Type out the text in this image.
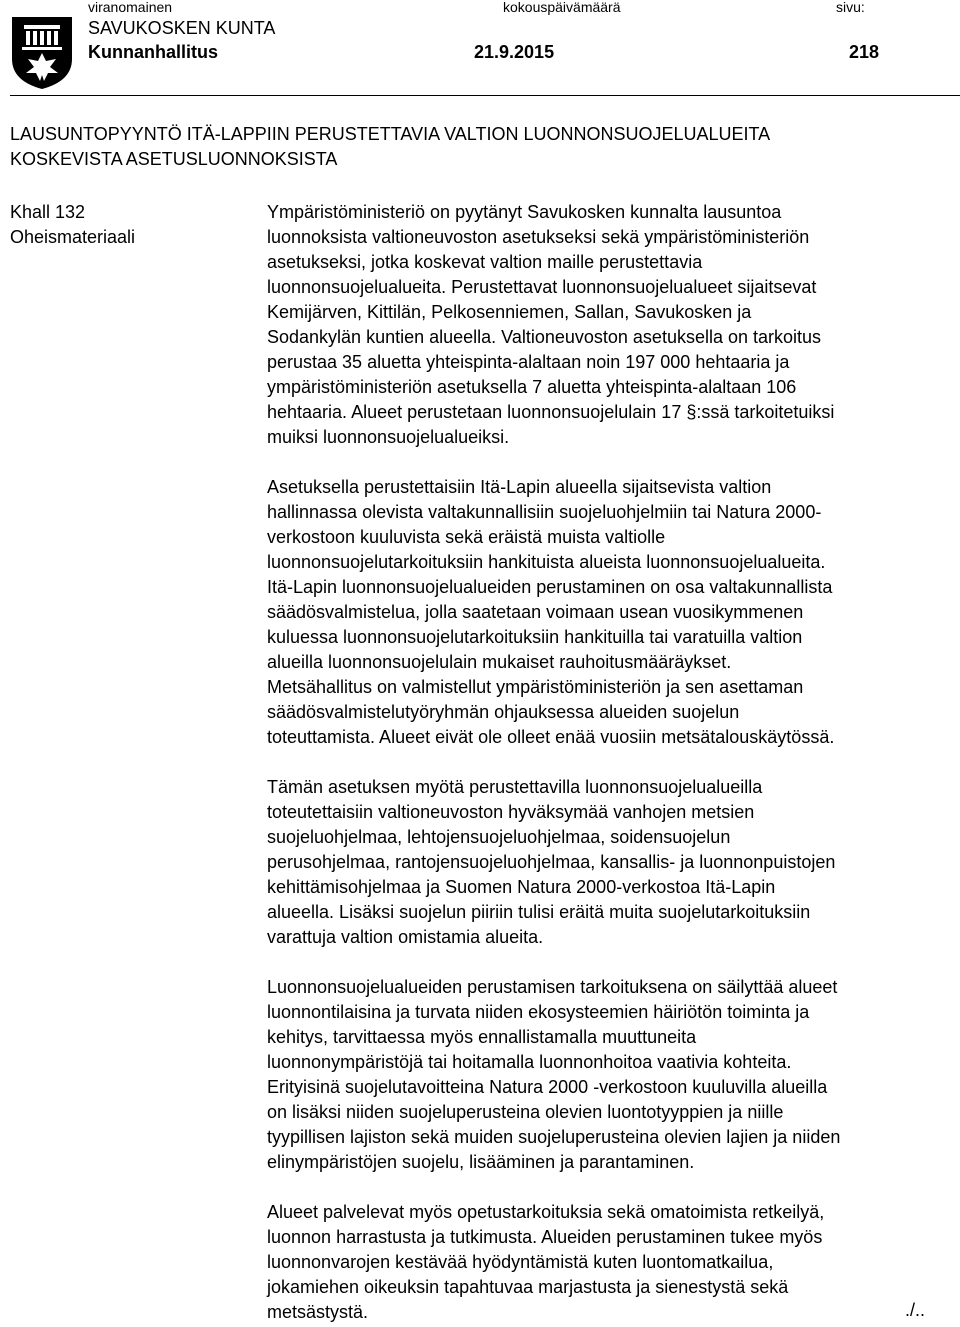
viranomainen	kokouspäivämäärä	sivu:
SAVUKOSKEN KUNTA
Kunnanhallitus	21.9.2015	218
LAUSUNTOPYYNTÖ ITÄ-LAPPIIN PERUSTETTAVIA VALTION LUONNONSUOJELUALUEITA
KOSKEVISTA ASETUSLUONNOKSISTA
Khall 132
Oheismateriaali
Ympäristöministeriö on pyytänyt Savukosken kunnalta lausuntoa
luonnoksista valtioneuvoston asetukseksi sekä ympäristöministeriön
asetukseksi, jotka koskevat valtion maille perustettavia
luonnonsuojelualueita. Perustettavat luonnonsuojelualueet sijaitsevat
Kemijärven, Kittilän, Pelkosenniemen, Sallan, Savukosken ja
Sodankylän kuntien alueella. Valtioneuvoston asetuksella on tarkoitus
perustaa 35 aluetta yhteispinta-alaltaan noin 197 000 hehtaaria ja
ympäristöministeriön asetuksella 7 aluetta yhteispinta-alaltaan 106
hehtaaria. Alueet perustetaan luonnonsuojelulain 17 §:ssä tarkoitetuiksi
muiksi luonnonsuojelualueiksi.
Asetuksella perustettaisiin Itä-Lapin alueella sijaitsevista valtion
hallinnassa olevista valtakunnallisiin suojeluohjelmiin tai Natura 2000-
verkostoon kuuluvista sekä eräistä muista valtiolle
luonnonsuojelutarkoituksiin hankituista alueista luonnonsuojelualueita.
Itä-Lapin luonnonsuojelualueiden perustaminen on osa valtakunnallista
säädösvalmistelua, jolla saatetaan voimaan usean vuosikymmenen
kuluessa luonnonsuojelutarkoituksiin hankituilla tai varatuilla valtion
alueilla luonnonsuojelulain mukaiset rauhoitusmääräykset.
Metsähallitus on valmistellut ympäristöministeriön ja sen asettaman
säädösvalmistelutyöryhmän ohjauksessa alueiden suojelun
toteuttamista. Alueet eivät ole olleet enää vuosiin metsätalouskäytössä.
Tämän asetuksen myötä perustettavilla luonnonsuojelualueilla
toteutettaisiin valtioneuvoston hyväksymää vanhojen metsien
suojeluohjelmaa, lehtojensuojeluohjelmaa, soidensuojelun
perusohjelmaa, rantojensuojeluohjelmaa, kansallis- ja luonnonpuistojen
kehittämisohjelmaa ja Suomen Natura 2000-verkostoa Itä-Lapin
alueella. Lisäksi suojelun piiriin tulisi eräitä muita suojelutarkoituksiin
varattuja valtion omistamia alueita.
Luonnonsuojelualueiden perustamisen tarkoituksena on säilyttää alueet
luonnontilaisina ja turvata niiden ekosysteemien häiriötön toiminta ja
kehitys, tarvittaessa myös ennallistamalla muuttuneita
luonnonympäristöjä tai hoitamalla luonnonhoitoa vaativia kohteita.
Erityisinä suojelutavoitteina Natura 2000 -verkostoon kuuluvilla alueilla
on lisäksi niiden suojeluperusteina olevien luontotyyppien ja niille
tyypillisen lajiston sekä muiden suojeluperusteina olevien lajien ja niiden
elinympäristöjen suojelu, lisääminen ja parantaminen.
Alueet palvelevat myös opetustarkoituksia sekä omatoimista retkeilyä,
luonnon harrastusta ja tutkimusta. Alueiden perustaminen tukee myös
luonnonvarojen kestävää hyödyntämistä kuten luontomatkailua,
jokamiehen oikeuksin tapahtuvaa marjastusta ja sienestystä sekä
metsästystä.	./..
